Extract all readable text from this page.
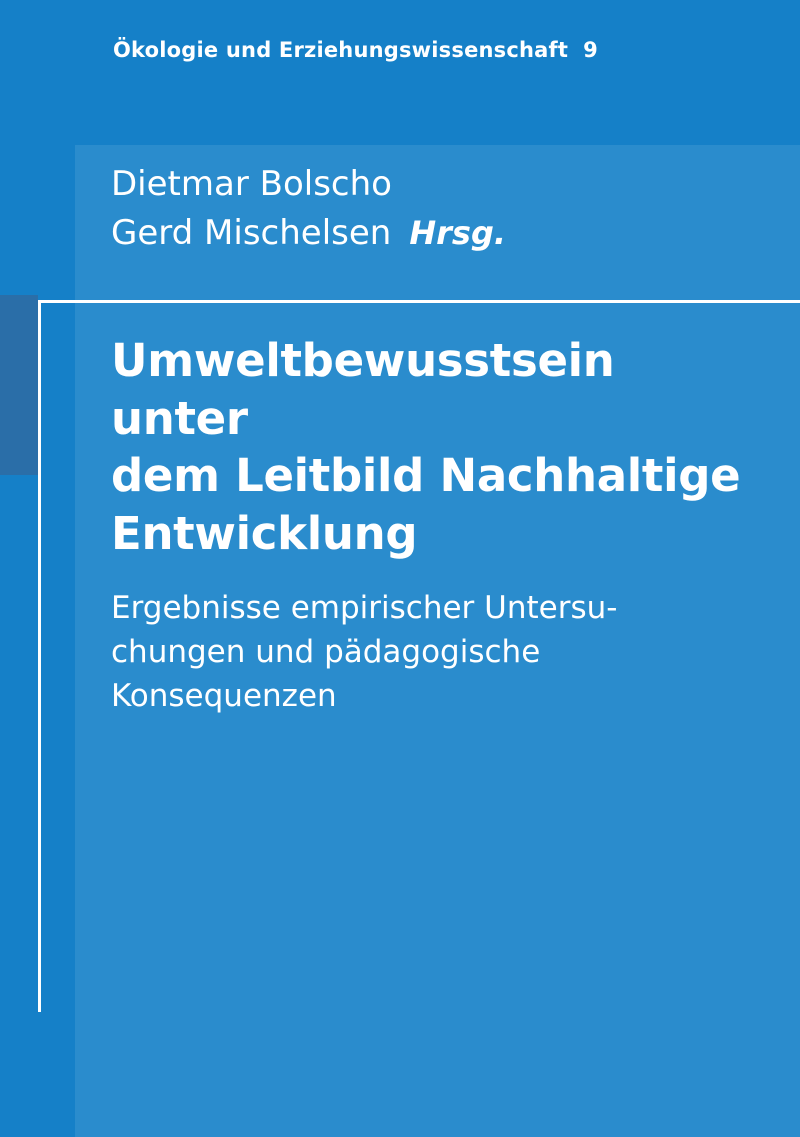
Ökologie und Erziehungswissenschaft  9
Dietmar Bolscho
Gerd Mischelsen Hrsg.
Umweltbewusstsein unter
dem Leitbild Nachhaltige
Entwicklung
Ergebnisse empirischer Untersu-
chungen und pädagogische
Konsequenzen
